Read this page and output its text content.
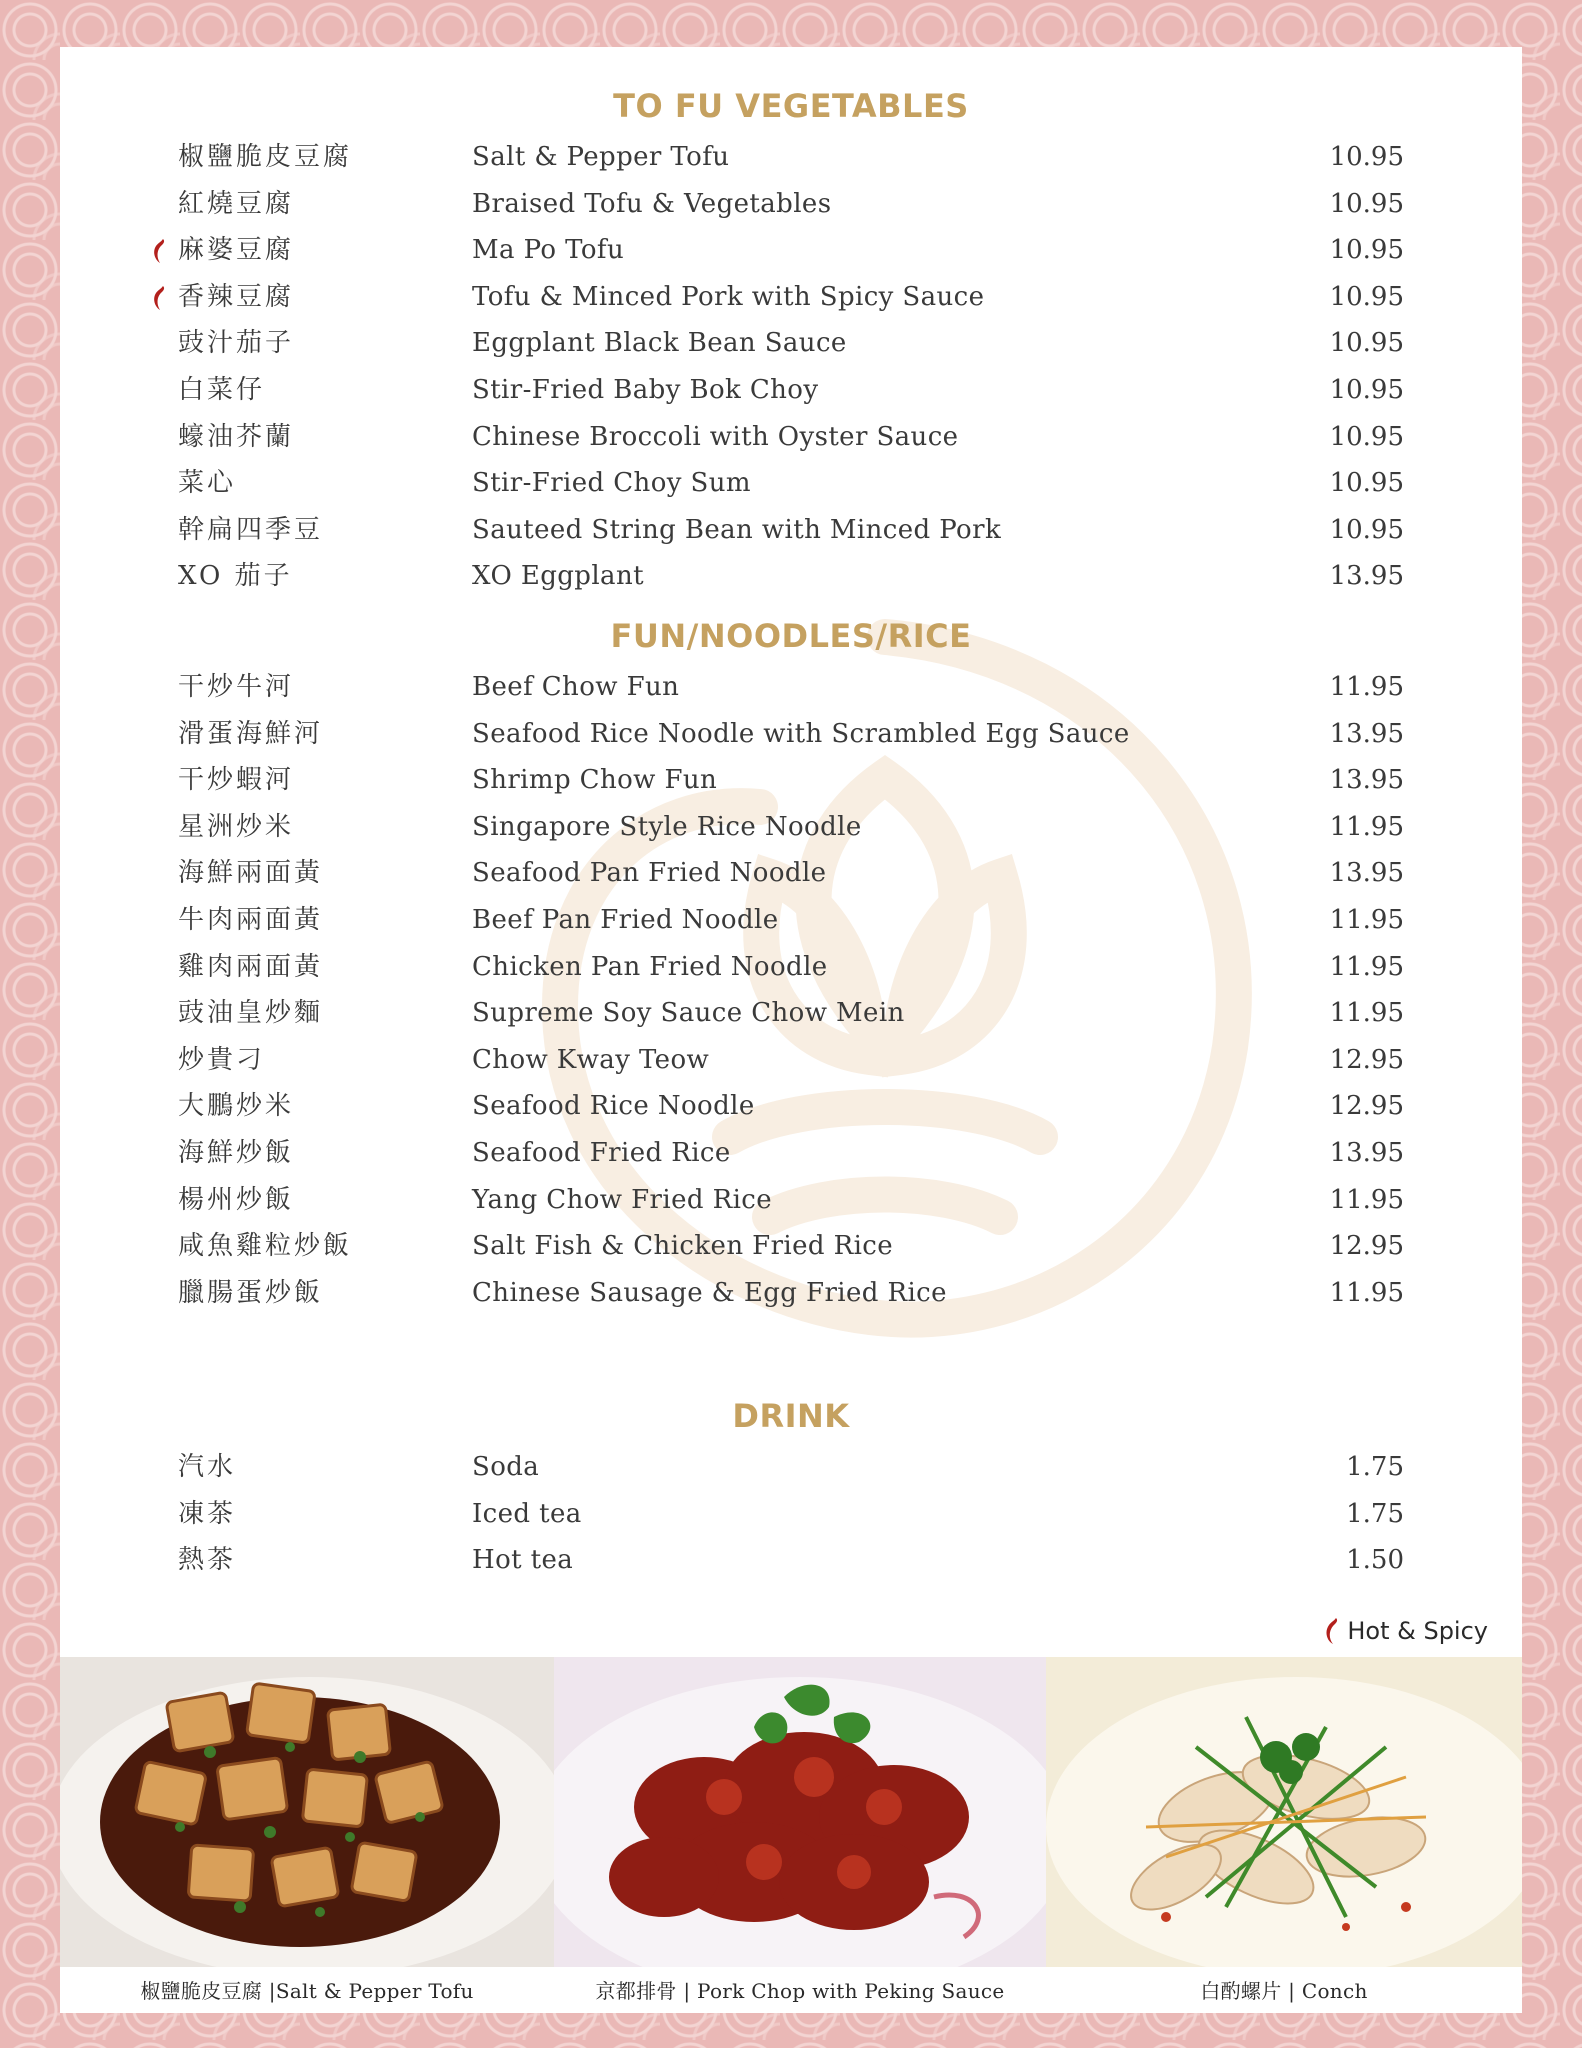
TO FU VEGETABLES
椒鹽脆皮豆腐	Salt & Pepper Tofu	10.95
紅燒豆腐	Braised Tofu & Vegetables	10.95
麻婆豆腐	Ma Po Tofu	10.95
香辣豆腐	Tofu & Minced Pork with Spicy Sauce	10.95
豉汁茄子	Eggplant Black Bean Sauce	10.95
白菜仔	Stir-Fried Baby Bok Choy	10.95
蠔油芥蘭	Chinese Broccoli with Oyster Sauce	10.95
菜心	Stir-Fried Choy Sum	10.95
幹扁四季豆	Sauteed String Bean with Minced Pork	10.95
XO 茄子	XO Eggplant	13.95
FUN/NOODLES/RICE
干炒牛河	Beef Chow Fun	11.95
滑蛋海鮮河	Seafood Rice Noodle with Scrambled Egg Sauce	13.95
干炒蝦河	Shrimp Chow Fun	13.95
星洲炒米	Singapore Style Rice Noodle	11.95
海鮮兩面黃	Seafood Pan Fried Noodle	13.95
牛肉兩面黃	Beef Pan Fried Noodle	11.95
雞肉兩面黃	Chicken Pan Fried Noodle	11.95
豉油皇炒麵	Supreme Soy Sauce Chow Mein	11.95
炒貴刁	Chow Kway Teow	12.95
大鵬炒米	Seafood Rice Noodle	12.95
海鮮炒飯	Seafood Fried Rice	13.95
楊州炒飯	Yang Chow Fried Rice	11.95
咸魚雞粒炒飯	Salt Fish & Chicken Fried Rice	12.95
臘腸蛋炒飯	Chinese Sausage & Egg Fried Rice	11.95
DRINK
汽水	Soda	1.75
凍茶	Iced tea	1.75
熱茶	Hot tea	1.50
Hot & Spicy
椒鹽脆皮豆腐 |Salt & Pepper Tofu	京都排骨 | Pork Chop with Peking Sauce	白酌螺片 | Conch
